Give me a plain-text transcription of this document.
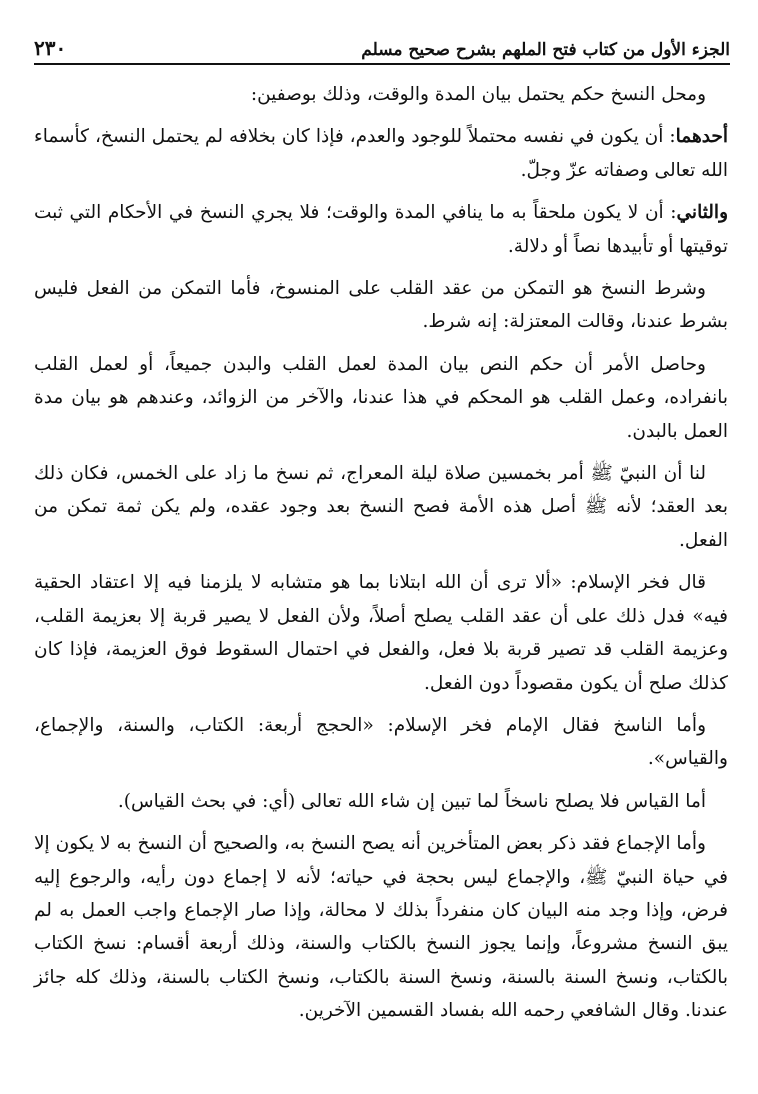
الجزء الأول من كتاب فتح الملهم بشرح صحيح مسلم
٢٣٠

ومحل النسخ حكم يحتمل بيان المدة والوقت، وذلك بوصفين:

أحدهما: أن يكون في نفسه محتملاً للوجود والعدم، فإذا كان بخلافه لم يحتمل النسخ، كأسماء الله تعالى وصفاته عزّ وجلّ.

والثاني: أن لا يكون ملحقاً به ما ينافي المدة والوقت؛ فلا يجري النسخ في الأحكام التي ثبت توقيتها أو تأبيدها نصاً أو دلالة.

وشرط النسخ هو التمكن من عقد القلب على المنسوخ، فأما التمكن من الفعل فليس بشرط عندنا، وقالت المعتزلة: إنه شرط.

وحاصل الأمر أن حكم النص بيان المدة لعمل القلب والبدن جميعاً، أو لعمل القلب بانفراده، وعمل القلب هو المحكم في هذا عندنا، والآخر من الزوائد، وعندهم هو بيان مدة العمل بالبدن.

لنا أن النبيّ ﷺ أمر بخمسين صلاة ليلة المعراج، ثم نسخ ما زاد على الخمس، فكان ذلك بعد العقد؛ لأنه ﷺ أصل هذه الأمة فصح النسخ بعد وجود عقده، ولم يكن ثمة تمكن من الفعل.

قال فخر الإسلام: «ألا ترى أن الله ابتلانا بما هو متشابه لا يلزمنا فيه إلا اعتقاد الحقية فيه» فدل ذلك على أن عقد القلب يصلح أصلاً، ولأن الفعل لا يصير قربة إلا بعزيمة القلب، وعزيمة القلب قد تصير قربة بلا فعل، والفعل في احتمال السقوط فوق العزيمة، فإذا كان كذلك صلح أن يكون مقصوداً دون الفعل.

وأما الناسخ فقال الإمام فخر الإسلام: «الحجج أربعة: الكتاب، والسنة، والإجماع، والقياس».

أما القياس فلا يصلح ناسخاً لما تبين إن شاء الله تعالى (أي: في بحث القياس).

وأما الإجماع فقد ذكر بعض المتأخرين أنه يصح النسخ به، والصحيح أن النسخ به لا يكون إلا في حياة النبيّ ﷺ، والإجماع ليس بحجة في حياته؛ لأنه لا إجماع دون رأيه، والرجوع إليه فرض، وإذا وجد منه البيان كان منفرداً بذلك لا محالة، وإذا صار الإجماع واجب العمل به لم يبق النسخ مشروعاً، وإنما يجوز النسخ بالكتاب والسنة، وذلك أربعة أقسام: نسخ الكتاب بالكتاب، ونسخ السنة بالسنة، ونسخ السنة بالكتاب، ونسخ الكتاب بالسنة، وذلك كله جائز عندنا. وقال الشافعي رحمه الله بفساد القسمين الآخرين.
